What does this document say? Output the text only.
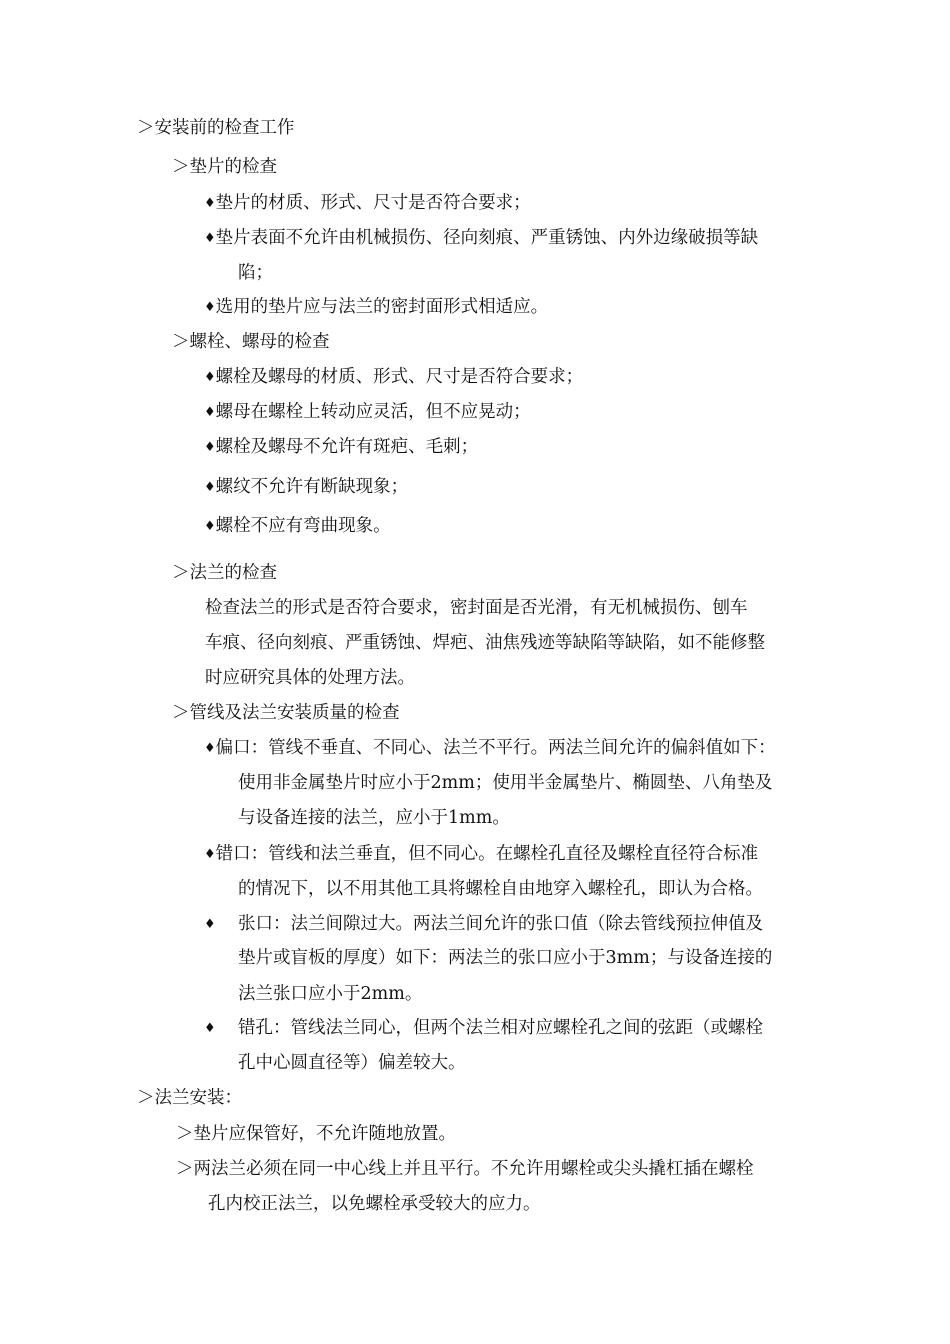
＞安装前的检查工作
＞垫片的检查
♦垫片的材质、形式、尺寸是否符合要求；
♦垫片表面不允许由机械损伤、径向刻痕、严重锈蚀、内外边缘破损等缺
陷；
♦选用的垫片应与法兰的密封面形式相适应。
＞螺栓、螺母的检查
♦螺栓及螺母的材质、形式、尺寸是否符合要求；
♦螺母在螺栓上转动应灵活，但不应晃动；
♦螺栓及螺母不允许有斑疤、毛刺；
♦螺纹不允许有断缺现象；
♦螺栓不应有弯曲现象。
＞法兰的检查
检查法兰的形式是否符合要求，密封面是否光滑，有无机械损伤、刨车
车痕、径向刻痕、严重锈蚀、焊疤、油焦残迹等缺陷等缺陷，如不能修整
时应研究具体的处理方法。
＞管线及法兰安装质量的检查
♦偏口：管线不垂直、不同心、法兰不平行。两法兰间允许的偏斜值如下：
使用非金属垫片时应小于2mm；使用半金属垫片、椭圆垫、八角垫及
与设备连接的法兰，应小于1mm。
♦错口：管线和法兰垂直，但不同心。在螺栓孔直径及螺栓直径符合标准
的情况下，以不用其他工具将螺栓自由地穿入螺栓孔，即认为合格。
♦ 张口：法兰间隙过大。两法兰间允许的张口值（除去管线预拉伸值及
垫片或盲板的厚度）如下：两法兰的张口应小于3mm；与设备连接的
法兰张口应小于2mm。
♦ 错孔：管线法兰同心，但两个法兰相对应螺栓孔之间的弦距（或螺栓
孔中心圆直径等）偏差较大。
＞法兰安装：
＞垫片应保管好，不允许随地放置。
＞两法兰必须在同一中心线上并且平行。不允许用螺栓或尖头撬杠插在螺栓
孔内校正法兰，以免螺栓承受较大的应力。
